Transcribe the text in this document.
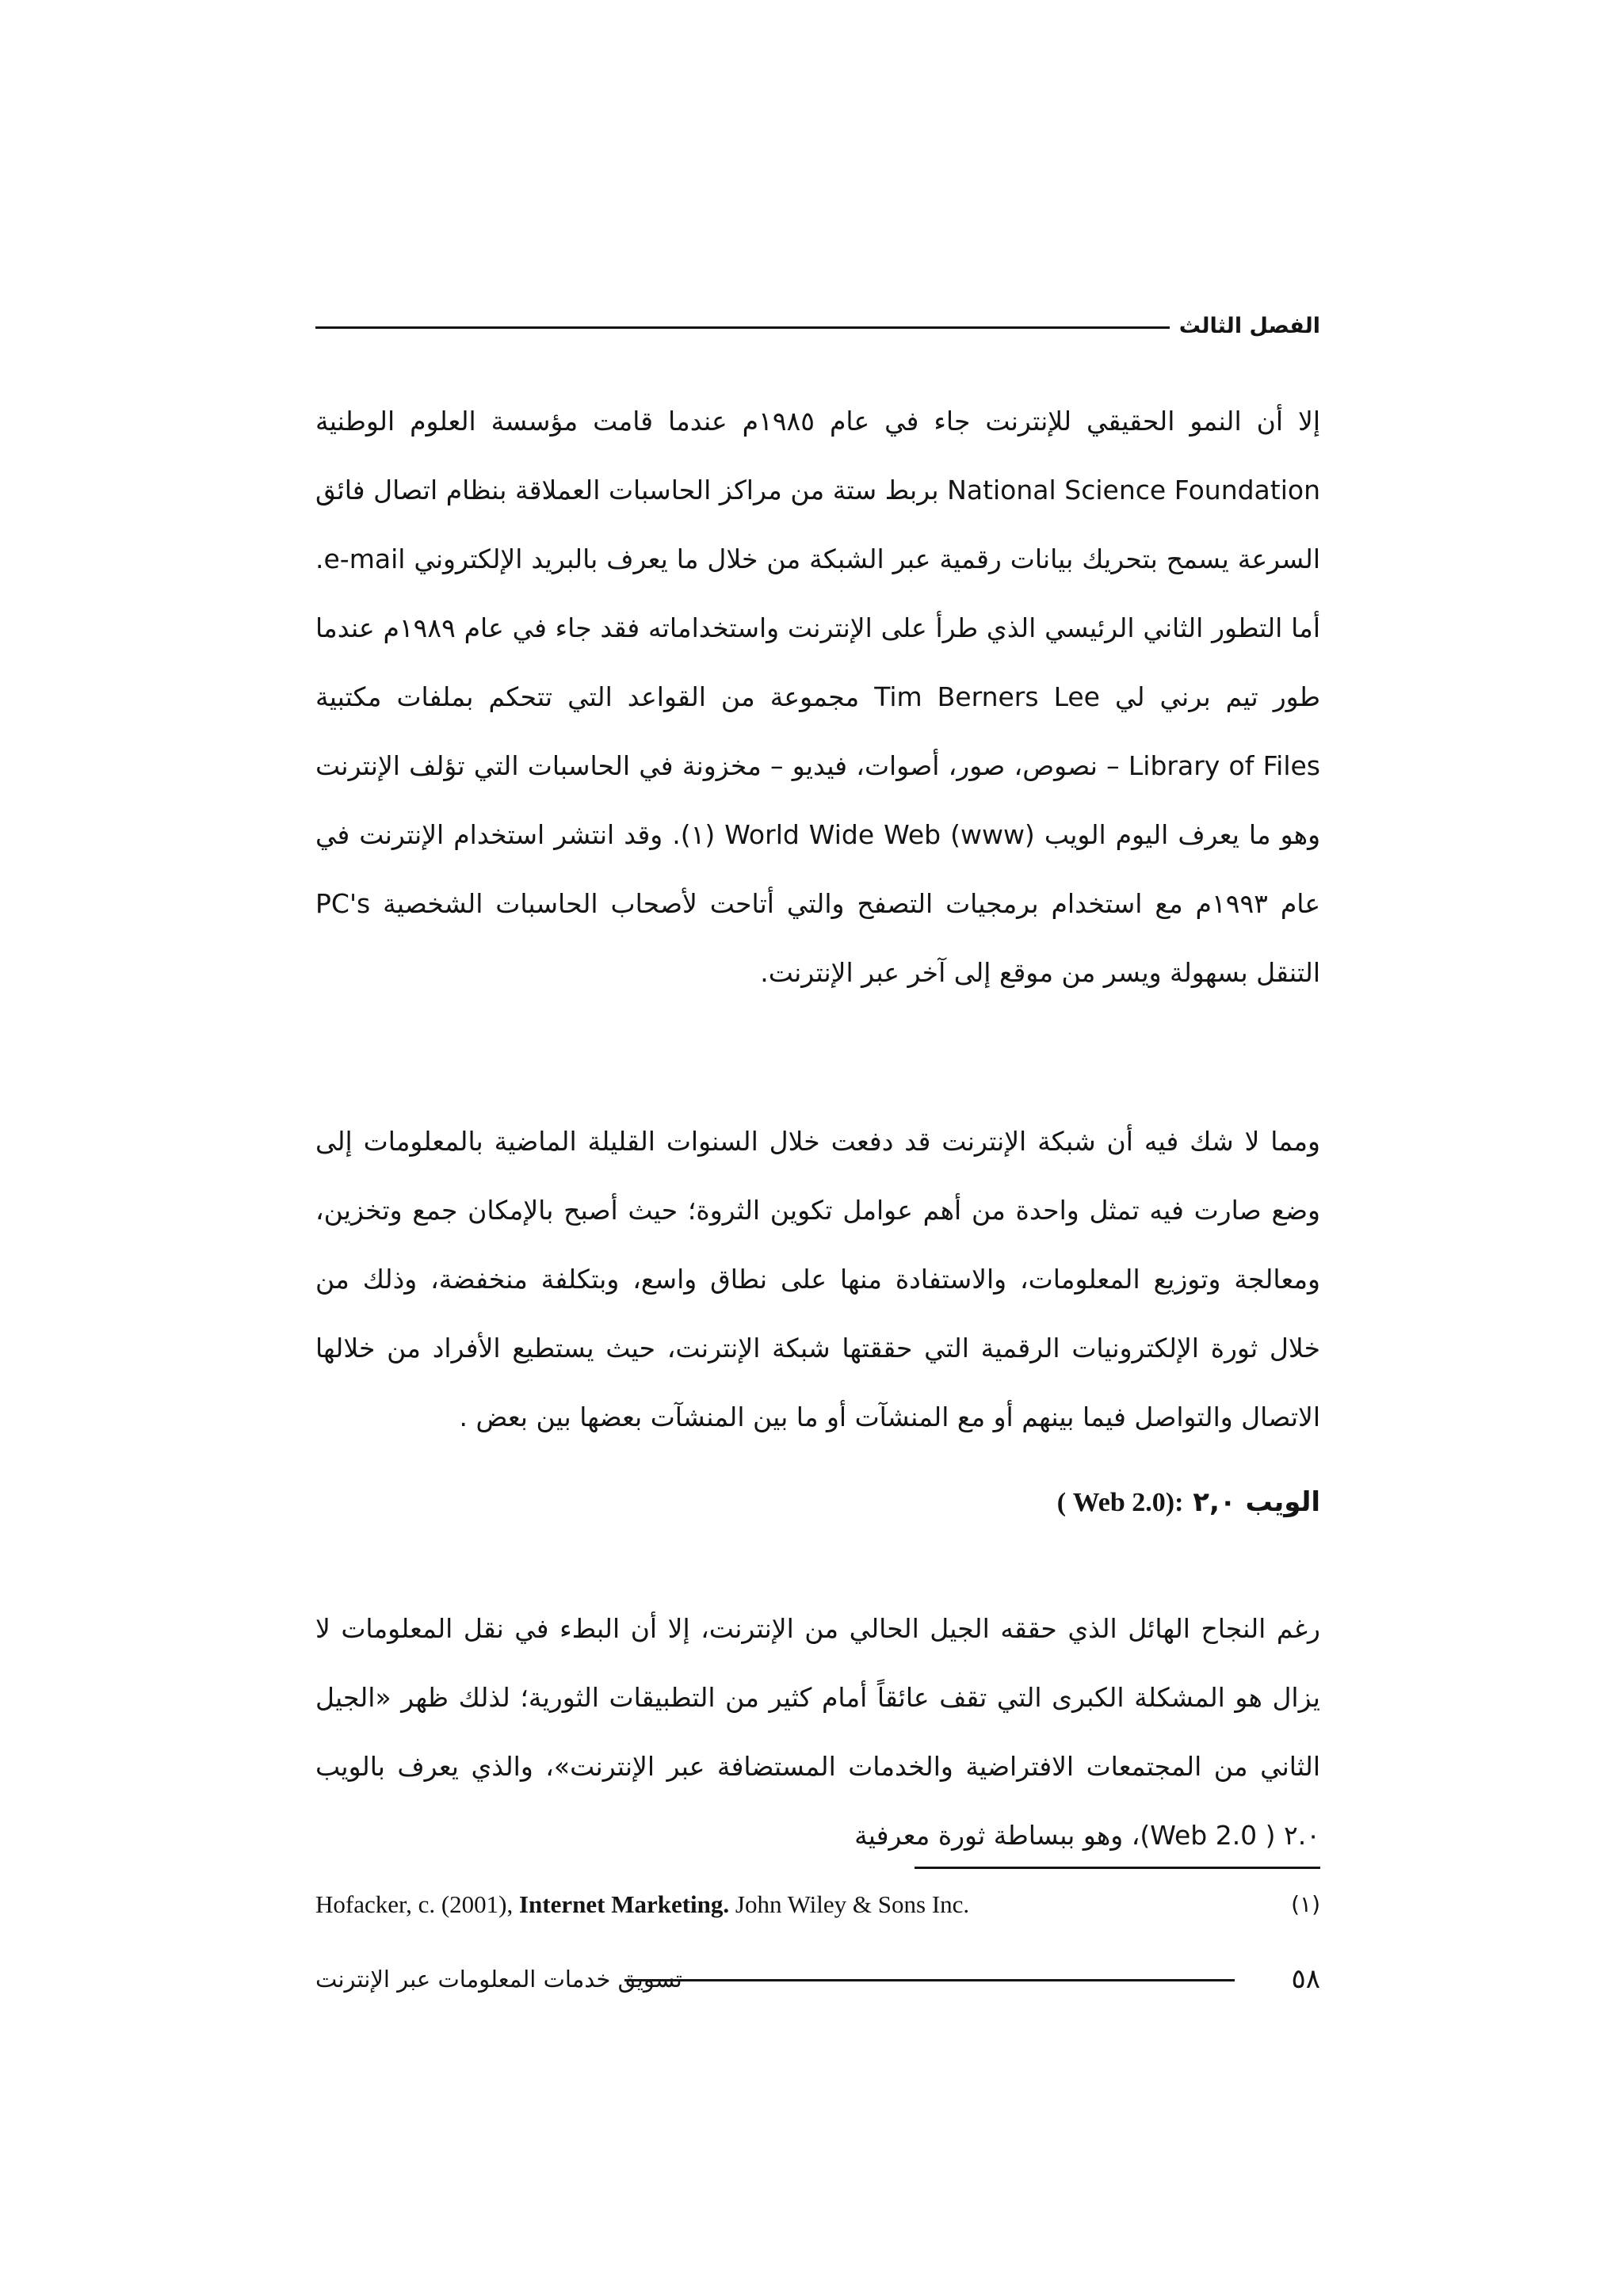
الفصل الثالث

إلا أن النمو الحقيقي للإنترنت جاء في عام ١٩٨٥م عندما قامت مؤسسة العلوم الوطنية National Science Foundation بربط ستة من مراكز الحاسبات العملاقة بنظام اتصال فائق السرعة يسمح بتحريك بيانات رقمية عبر الشبكة من خلال ما يعرف بالبريد الإلكتروني e-mail. أما التطور الثاني الرئيسي الذي طرأ على الإنترنت واستخداماته فقد جاء في عام ١٩٨٩م عندما طور تيم برني لي Tim Berners Lee مجموعة من القواعد التي تتحكم بملفات مكتبية Library of Files – نصوص، صور، أصوات، فيديو – مخزونة في الحاسبات التي تؤلف الإنترنت وهو ما يعرف اليوم الويب World Wide Web (www) (١). وقد انتشر استخدام الإنترنت في عام ١٩٩٣م مع استخدام برمجيات التصفح والتي أتاحت لأصحاب الحاسبات الشخصية PC's التنقل بسهولة ويسر من موقع إلى آخر عبر الإنترنت.

ومما لا شك فيه أن شبكة الإنترنت قد دفعت خلال السنوات القليلة الماضية بالمعلومات إلى وضع صارت فيه تمثل واحدة من أهم عوامل تكوين الثروة؛ حيث أصبح بالإمكان جمع وتخزين، ومعالجة وتوزيع المعلومات، والاستفادة منها على نطاق واسع، وبتكلفة منخفضة، وذلك من خلال ثورة الإلكترونيات الرقمية التي حققتها شبكة الإنترنت، حيث يستطيع الأفراد من خلالها الاتصال والتواصل فيما بينهم أو مع المنشآت أو ما بين المنشآت بعضها بين بعض .

الويب ٢,٠ ( Web 2.0):

رغم النجاح الهائل الذي حققه الجيل الحالي من الإنترنت، إلا أن البطء في نقل المعلومات لا يزال هو المشكلة الكبرى التي تقف عائقاً أمام كثير من التطبيقات الثورية؛ لذلك ظهر «الجيل الثاني من المجتمعات الافتراضية والخدمات المستضافة عبر الإنترنت»، والذي يعرف بالويب ٢.٠ ( Web 2.0)، وهو ببساطة ثورة معرفية

(١)
Hofacker, c. (2001), Internet Marketing. John Wiley & Sons Inc.
٥٨
تسويق خدمات المعلومات عبر الإنترنت
